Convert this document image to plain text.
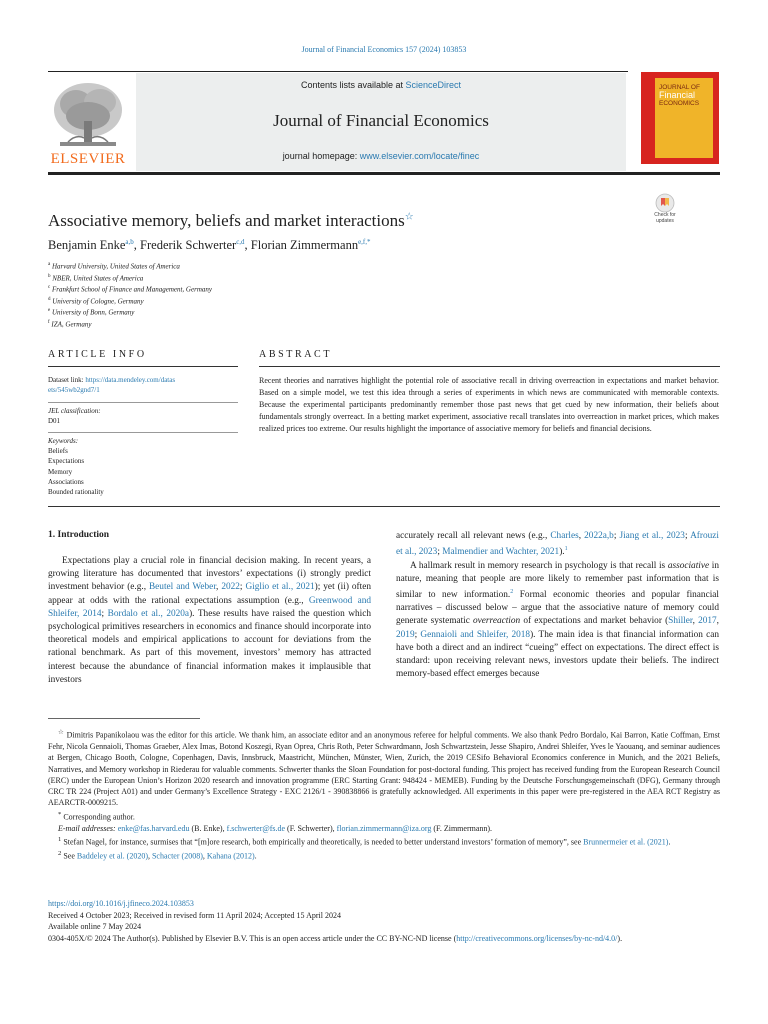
Journal of Financial Economics 157 (2024) 103853
ELSEVIER
Contents lists available at ScienceDirect
Journal of Financial Economics
journal homepage: www.elsevier.com/locate/finec
JOURNAL OF
Financial
ECONOMICS
Check for
updates
Associative memory, beliefs and market interactions☆
Benjamin Enke$^{a,b}$, Frederik Schwerter$^{c,d}$, Florian Zimmermann$^{e,f,*}$
$^a$ Harvard University, United States of America
$^b$ NBER, United States of America
$^c$ Frankfurt School of Finance and Management, Germany
$^d$ University of Cologne, Germany
$^e$ University of Bonn, Germany
$^f$ IZA, Germany
ARTICLE INFO
Dataset link: https://data.mendeley.com/datas
ets/545wb2gnd7/1
JEL classification:
D01
Keywords:
Beliefs
Expectations
Memory
Associations
Bounded rationality
ABSTRACT
Recent theories and narratives highlight the potential role of associative recall in driving overreaction in expectations and market behavior. Based on a simple model, we test this idea through a series of experiments in which news are communicated with memorable contexts. Because the experimental participants predominantly remember those past news that get cued by new information, their beliefs about fundamentals strongly overreact. In a betting market experiment, associative recall translates into overreaction in market prices, which makes realized prices too extreme. Our results highlight the importance of associative memory for beliefs and financial decisions.
1. Introduction

Expectations play a crucial role in financial decision making. In recent years, a growing literature has documented that investors’ expectations (i) strongly predict investment behavior (e.g., Beutel and Weber, 2022; Giglio et al., 2021); yet (ii) often appear at odds with the rational expectations assumption (e.g., Greenwood and Shleifer, 2014; Bordalo et al., 2020a). These results have raised the question which psychological primitives researchers in economics and finance should incorporate into theoretical models and empirical applications to account for deviations from the rational benchmark. As part of this movement, investors’ memory has attracted interest because the abundance of financial information makes it implausible that investors

accurately recall all relevant news (e.g., Charles, 2022a,b; Jiang et al., 2023; Afrouzi et al., 2023; Malmendier and Wachter, 2021).$^1$

A hallmark result in memory research in psychology is that recall is associative in nature, meaning that people are more likely to remember past information that is similar to new information.$^2$ Formal economic theories and popular financial narratives – discussed below – argue that the associative nature of memory could generate systematic overreaction of expectations and market behavior (Shiller, 2017, 2019; Gennaioli and Shleifer, 2018). The main idea is that financial information can have both a direct and an indirect “cueing” effect on expectations. The direct effect is standard: upon receiving relevant news, investors update their beliefs. The indirect memory-based effect emerges because

☆ Dimitris Papanikolaou was the editor for this article. We thank him, an associate editor and an anonymous referee for helpful comments. We also thank Pedro Bordalo, Kai Barron, Katie Coffman, Ernst Fehr, Nicola Gennaioli, Thomas Graeber, Alex Imas, Botond Koszegi, Ryan Oprea, Chris Roth, Peter Schwardmann, Josh Schwartzstein, Jesse Shapiro, Andrei Shleifer, Yves le Yaouanq, and seminar audiences at Bergen, Chicago Booth, Cologne, Copenhagen, Davis, Innsbruck, Maastricht, München, Münster, Wien, Zurich, the 2019 CESifo Behavioral Economics conference in Munich, and the 2021 Beliefs, Narratives, and Memory workshop in Riederau for valuable comments. Schwerter thanks the Sloan Foundation for post-doctoral funding. This project has received funding from the European Research Council (ERC) under the European Union’s Horizon 2020 research and innovation programme (ERC Starting Grant: 948424 - MEMEB). Funding by the Deutsche Forschungsgemeinschaft (DFG), Germany through CRC TR 224 (Project A01) and under Germany’s Excellence Strategy - EXC 2126/1 - 390838866 is gratefully acknowledged. All experiments in this paper were pre-registered in the AEA RCT Registry as AEARCTR-0009215.

* Corresponding author.

E-mail addresses: enke@fas.harvard.edu (B. Enke), f.schwerter@fs.de (F. Schwerter), florian.zimmermann@iza.org (F. Zimmermann).

$^1$ Stefan Nagel, for instance, surmises that “[m]ore research, both empirically and theoretically, is needed to better understand investors’ formation of memory”, see Brunnermeier et al. (2021).

$^2$ See Baddeley et al. (2020), Schacter (2008), Kahana (2012).

https://doi.org/10.1016/j.jfineco.2024.103853
Received 4 October 2023; Received in revised form 11 April 2024; Accepted 15 April 2024
Available online 7 May 2024
0304-405X/© 2024 The Author(s). Published by Elsevier B.V. This is an open access article under the CC BY-NC-ND license (http://creativecommons.org/licenses/by-nc-nd/4.0/).
